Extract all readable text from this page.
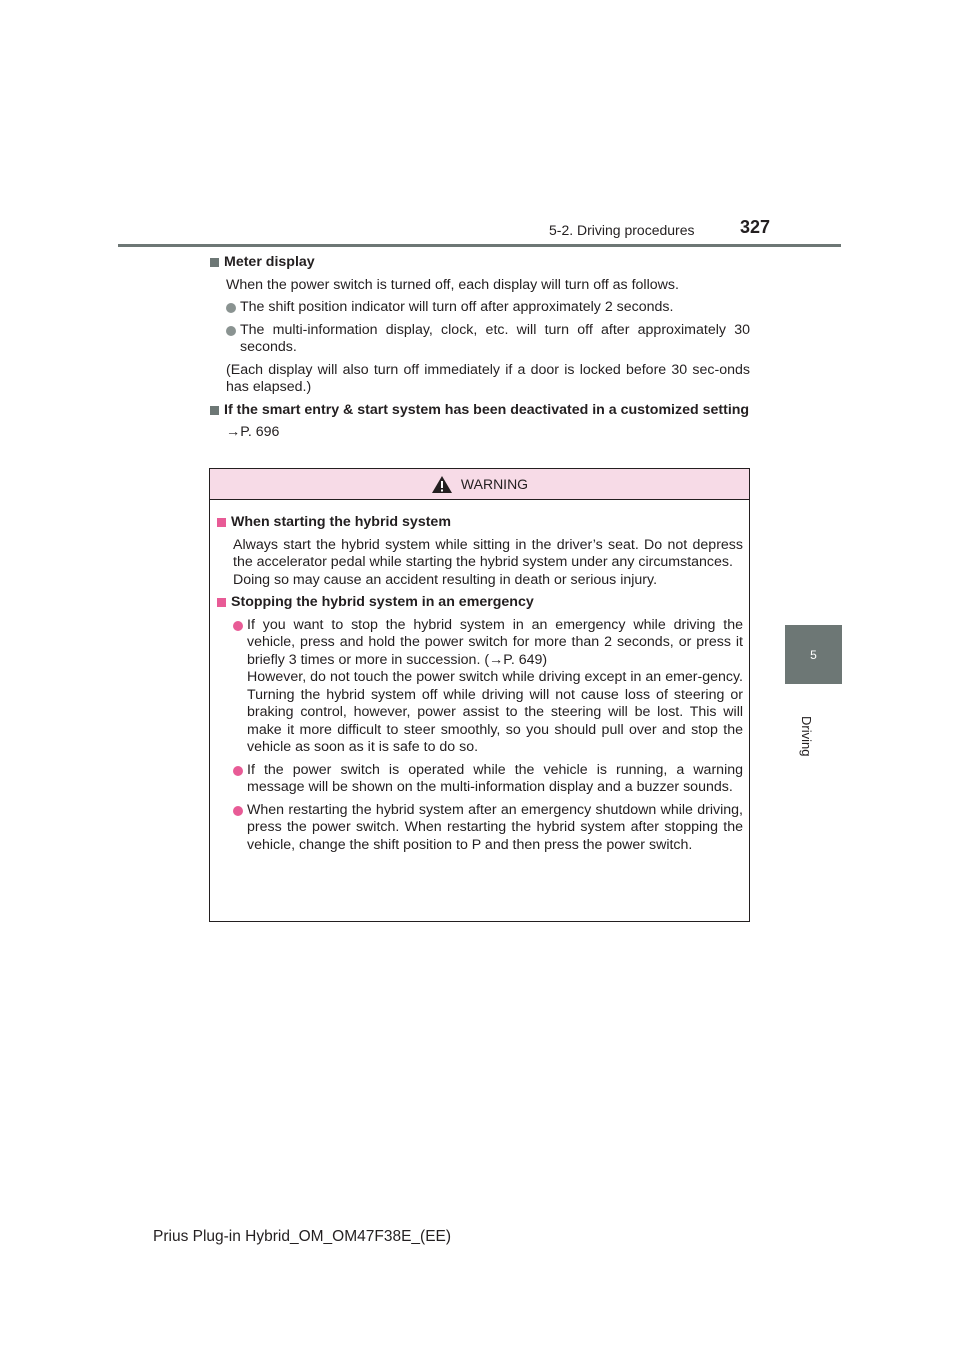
5-2. Driving procedures	327
5
Driving
Meter display
When the power switch is turned off, each display will turn off as follows.
The shift position indicator will turn off after approximately 2 seconds.
The multi-information display, clock, etc. will turn off after approximately 30 seconds.
(Each display will also turn off immediately if a door is locked before 30 sec-onds has elapsed.)
If the smart entry & start system has been deactivated in a customized setting
→P. 696
WARNING
When starting the hybrid system
Always start the hybrid system while sitting in the driver’s seat. Do not depress the accelerator pedal while starting the hybrid system under any circumstances.
Doing so may cause an accident resulting in death or serious injury.
Stopping the hybrid system in an emergency
If you want to stop the hybrid system in an emergency while driving the vehicle, press and hold the power switch for more than 2 seconds, or press it briefly 3 times or more in succession. (→P. 649)
However, do not touch the power switch while driving except in an emer-gency. Turning the hybrid system off while driving will not cause loss of steering or braking control, however, power assist to the steering will be lost. This will make it more difficult to steer smoothly, so you should pull over and stop the vehicle as soon as it is safe to do so.
If the power switch is operated while the vehicle is running, a warning message will be shown on the multi-information display and a buzzer sounds.
When restarting the hybrid system after an emergency shutdown while driving, press the power switch. When restarting the hybrid system after stopping the vehicle, change the shift position to P and then press the power switch.
Prius Plug-in Hybrid_OM_OM47F38E_(EE)
